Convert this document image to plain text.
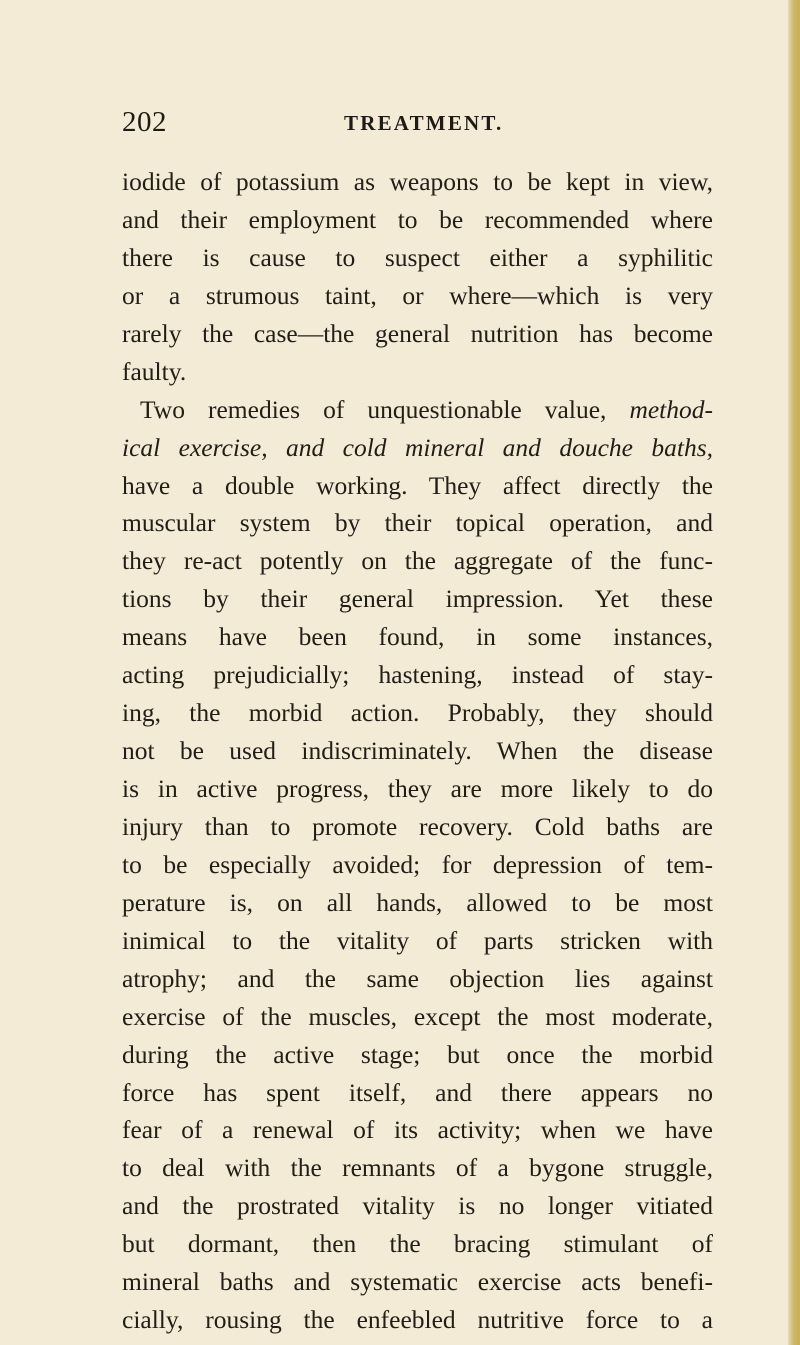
202	TREATMENT.
iodide of potassium as weapons to be kept in view,
and their employment to be recommended where
there is cause to suspect either a syphilitic
or a strumous taint, or where—which is very
rarely the case—the general nutrition has become
faulty.
Two remedies of unquestionable value, method-
ical exercise, and cold mineral and douche baths,
have a double working. They affect directly the
muscular system by their topical operation, and
they re-act potently on the aggregate of the func-
tions by their general impression. Yet these
means have been found, in some instances,
acting prejudicially; hastening, instead of stay-
ing, the morbid action. Probably, they should
not be used indiscriminately. When the disease
is in active progress, they are more likely to do
injury than to promote recovery. Cold baths are
to be especially avoided; for depression of tem-
perature is, on all hands, allowed to be most
inimical to the vitality of parts stricken with
atrophy; and the same objection lies against
exercise of the muscles, except the most moderate,
during the active stage; but once the morbid
force has spent itself, and there appears no
fear of a renewal of its activity; when we have
to deal with the remnants of a bygone struggle,
and the prostrated vitality is no longer vitiated
but dormant, then the bracing stimulant of
mineral baths and systematic exercise acts benefi-
cially, rousing the enfeebled nutritive force to a
